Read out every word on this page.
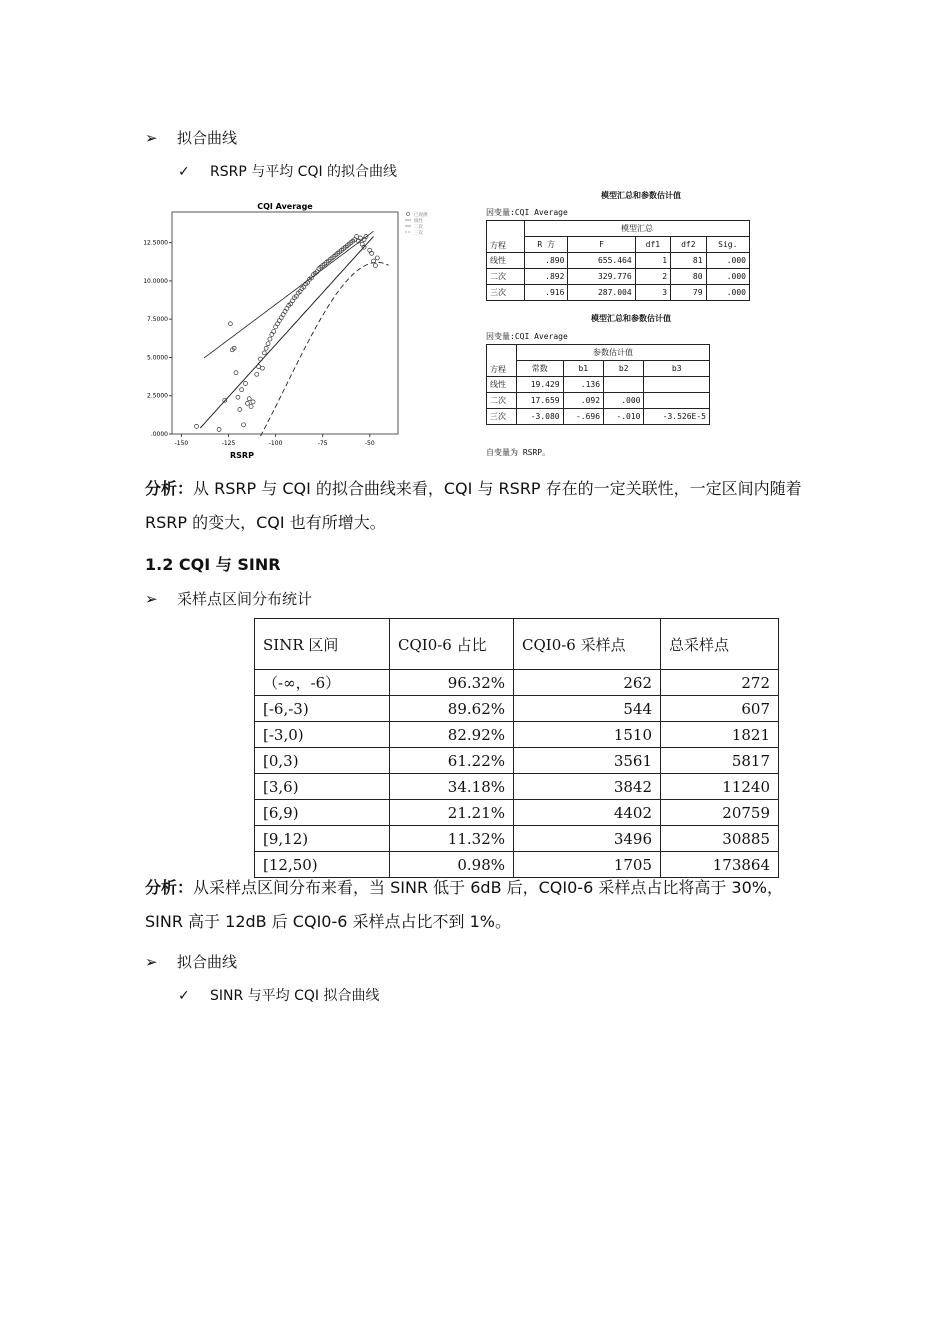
➢ 拟合曲线
✓ RSRP 与平均 CQI 的拟合曲线
CQI Average
RSRP
-150	-125	-100	-75	-50
.0000
2.5000
5.0000
7.5000
10.0000
12.5000
已观测
线性
二次
三次
模型汇总和参数估计值
因变量:CQI Average
方程	模型汇总				
	R 方	F	df1	df2	Sig.
线性	.890	655.464	1	81	.000
二次	.892	329.776	2	80	.000
三次	.916	287.004	3	79	.000
模型汇总和参数估计值
因变量:CQI Average
方程	参数估计值			
	常数	b1	b2	b3
线性	19.429	.136		
二次	17.659	.092	.000	
三次	-3.080	-.696	-.010	-3.526E-5
自变量为 RSRP。
分析：从 RSRP 与 CQI 的拟合曲线来看，CQI 与 RSRP 存在的一定关联性，一定区间内随着 RSRP 的变大，CQI 也有所增大。
1.2 CQI 与 SINR
➢ 采样点区间分布统计
SINR 区间	CQI0-6 占比	CQI0-6 采样点	总采样点
（-∞，-6）	96.32%	262	272
[-6,-3)	89.62%	544	607
[-3,0)	82.92%	1510	1821
[0,3)	61.22%	3561	5817
[3,6)	34.18%	3842	11240
[6,9)	21.21%	4402	20759
[9,12)	11.32%	3496	30885
[12,50)	0.98%	1705	173864
分析：从采样点区间分布来看，当 SINR 低于 6dB 后，CQI0-6 采样点占比将高于 30%，SINR 高于 12dB 后 CQI0-6 采样点占比不到 1%。
➢ 拟合曲线
✓ SINR 与平均 CQI 拟合曲线
